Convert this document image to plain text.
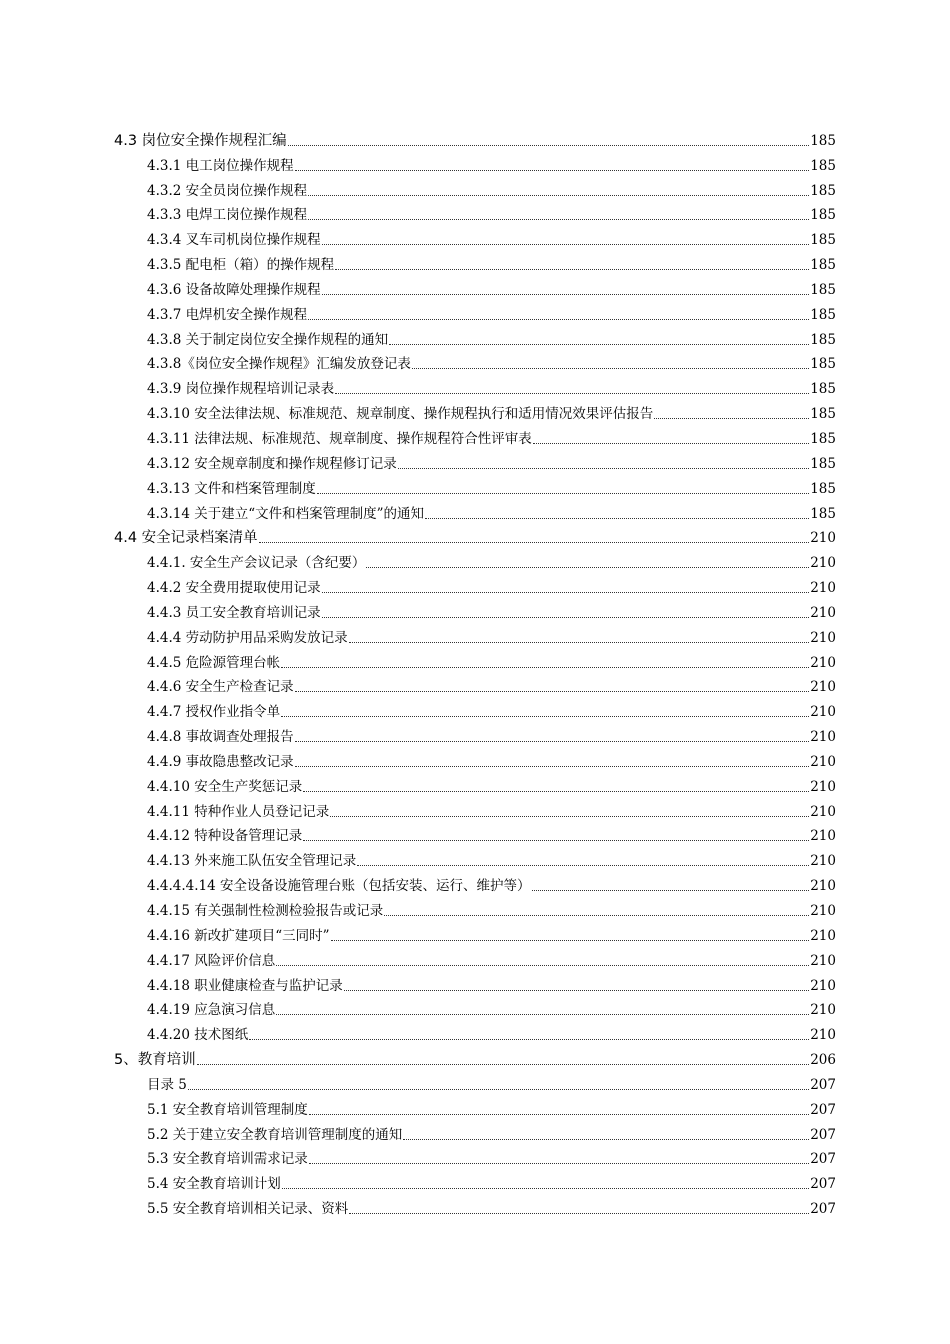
4.3 岗位安全操作规程汇编	185
4.3.1 电工岗位操作规程	185
4.3.2 安全员岗位操作规程	185
4.3.3 电焊工岗位操作规程	185
4.3.4 叉车司机岗位操作规程	185
4.3.5 配电柜（箱）的操作规程	185
4.3.6 设备故障处理操作规程	185
4.3.7 电焊机安全操作规程	185
4.3.8 关于制定岗位安全操作规程的通知	185
4.3.8《岗位安全操作规程》汇编发放登记表	185
4.3.9 岗位操作规程培训记录表	185
4.3.10 安全法律法规、标准规范、规章制度、操作规程执行和适用情况效果评估报告	185
4.3.11 法律法规、标准规范、规章制度、操作规程符合性评审表	185
4.3.12 安全规章制度和操作规程修订记录	185
4.3.13 文件和档案管理制度	185
4.3.14 关于建立“文件和档案管理制度”的通知	185
4.4 安全记录档案清单	210
4.4.1. 安全生产会议记录（含纪要）	210
4.4.2 安全费用提取使用记录	210
4.4.3 员工安全教育培训记录	210
4.4.4 劳动防护用品采购发放记录	210
4.4.5 危险源管理台帐	210
4.4.6 安全生产检查记录	210
4.4.7 授权作业指令单	210
4.4.8 事故调查处理报告	210
4.4.9 事故隐患整改记录	210
4.4.10 安全生产奖惩记录	210
4.4.11 特种作业人员登记记录	210
4.4.12 特种设备管理记录	210
4.4.13 外来施工队伍安全管理记录	210
4.4.4.4.14 安全设备设施管理台账（包括安装、运行、维护等）	210
4.4.15 有关强制性检测检验报告或记录	210
4.4.16 新改扩建项目“三同时”	210
4.4.17 风险评价信息	210
4.4.18 职业健康检查与监护记录	210
4.4.19 应急演习信息	210
4.4.20 技术图纸	210
5、教育培训	206
目录 5	207
5.1 安全教育培训管理制度	207
5.2 关于建立安全教育培训管理制度的通知	207
5.3 安全教育培训需求记录	207
5.4 安全教育培训计划	207
5.5 安全教育培训相关记录、资料	207
